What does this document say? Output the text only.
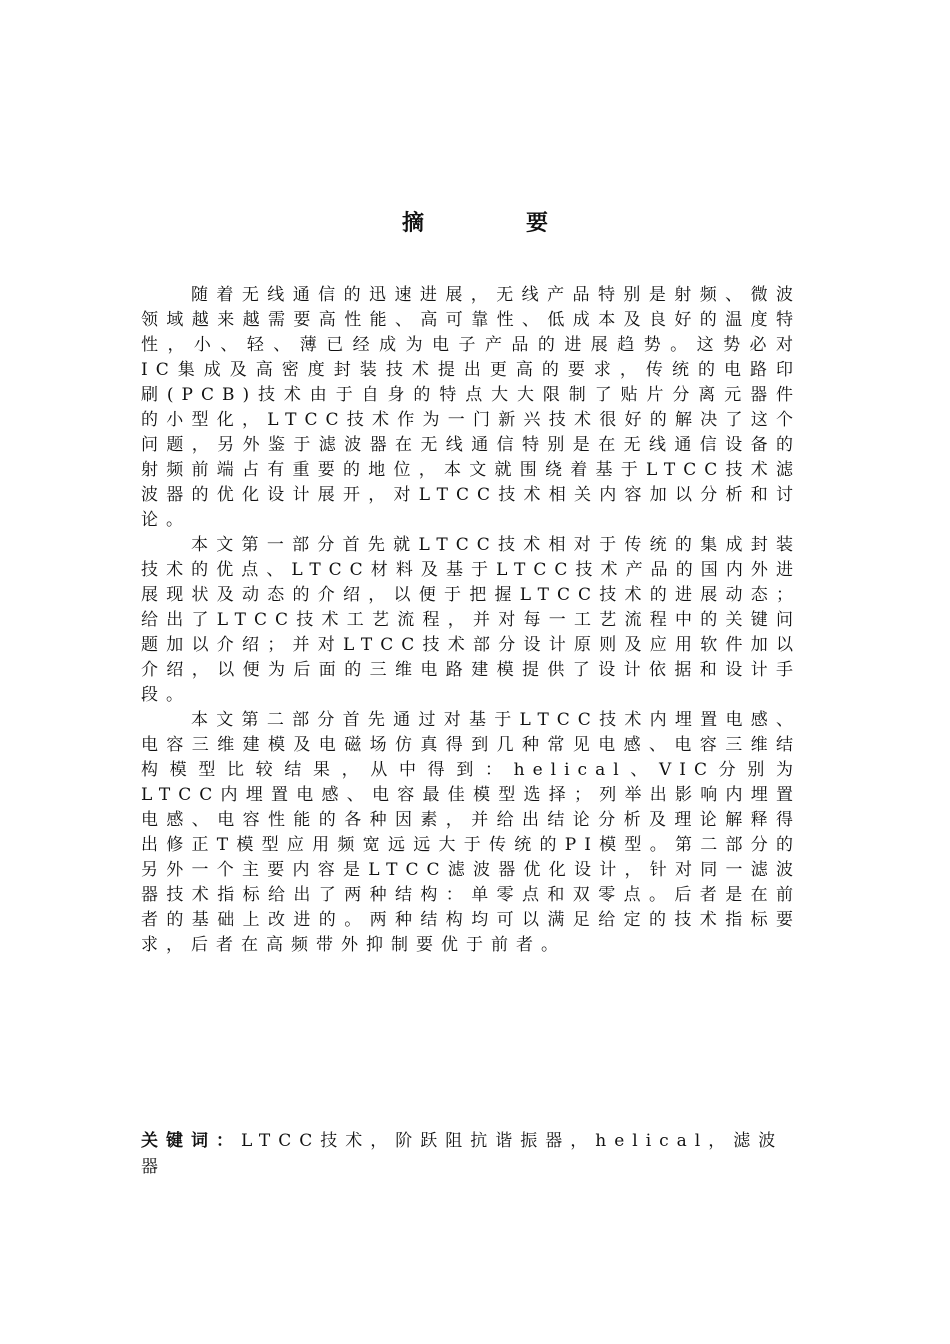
摘　要

随着无线通信的迅速进展，无线产品特别是射频、微波领域越来越需要高性能、高可靠性、低成本及良好的温度特性，小、轻、薄已经成为电子产品的进展趋势。这势必对IC集成及高密度封装技术提出更高的要求，传统的电路印刷(PCB)技术由于自身的特点大大限制了贴片分离元器件的小型化，LTCC技术作为一门新兴技术很好的解决了这个问题，另外鉴于滤波器在无线通信特别是在无线通信设备的射频前端占有重要的地位，本文就围绕着基于LTCC技术滤波器的优化设计展开，对LTCC技术相关内容加以分析和讨论。

本文第一部分首先就LTCC技术相对于传统的集成封装技术的优点、LTCC材料及基于LTCC技术产品的国内外进展现状及动态的介绍，以便于把握LTCC技术的进展动态；给出了LTCC技术工艺流程，并对每一工艺流程中的关键问题加以介绍；并对LTCC技术部分设计原则及应用软件加以介绍，以便为后面的三维电路建模提供了设计依据和设计手段。

本文第二部分首先通过对基于LTCC技术内埋置电感、电容三维建模及电磁场仿真得到几种常见电感、电容三维结构模型比较结果，从中得到：helical、VIC分别为LTCC内埋置电感、电容最佳模型选择；列举出影响内埋置电感、电容性能的各种因素，并给出结论分析及理论解释得出修正T模型应用频宽远远大于传统的PI模型。第二部分的另外一个主要内容是LTCC滤波器优化设计，针对同一滤波器技术指标给出了两种结构：单零点和双零点。后者是在前者的基础上改进的。两种结构均可以满足给定的技术指标要求，后者在高频带外抑制要优于前者。

关键词：LTCC技术，阶跃阻抗谐振器，helical，滤波器
